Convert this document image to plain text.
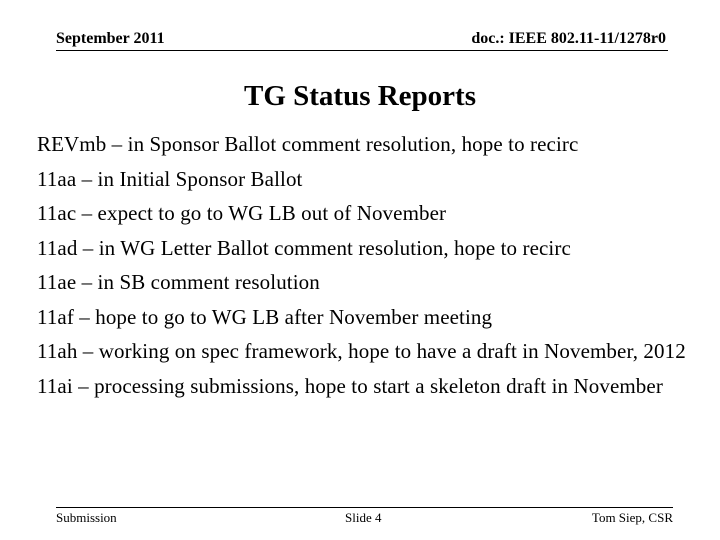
September 2011	doc.: IEEE 802.11-11/1278r0
TG Status Reports
REVmb – in Sponsor Ballot comment resolution, hope to recirc
11aa – in Initial Sponsor Ballot
11ac – expect to go to WG LB out of November
11ad – in WG Letter Ballot comment resolution, hope to recirc
11ae – in SB comment resolution
11af – hope to go to WG LB after November meeting
11ah – working on spec framework, hope to have a draft in November, 2012
11ai – processing submissions, hope to start a skeleton draft in November
Submission	Slide 4	Tom Siep, CSR
